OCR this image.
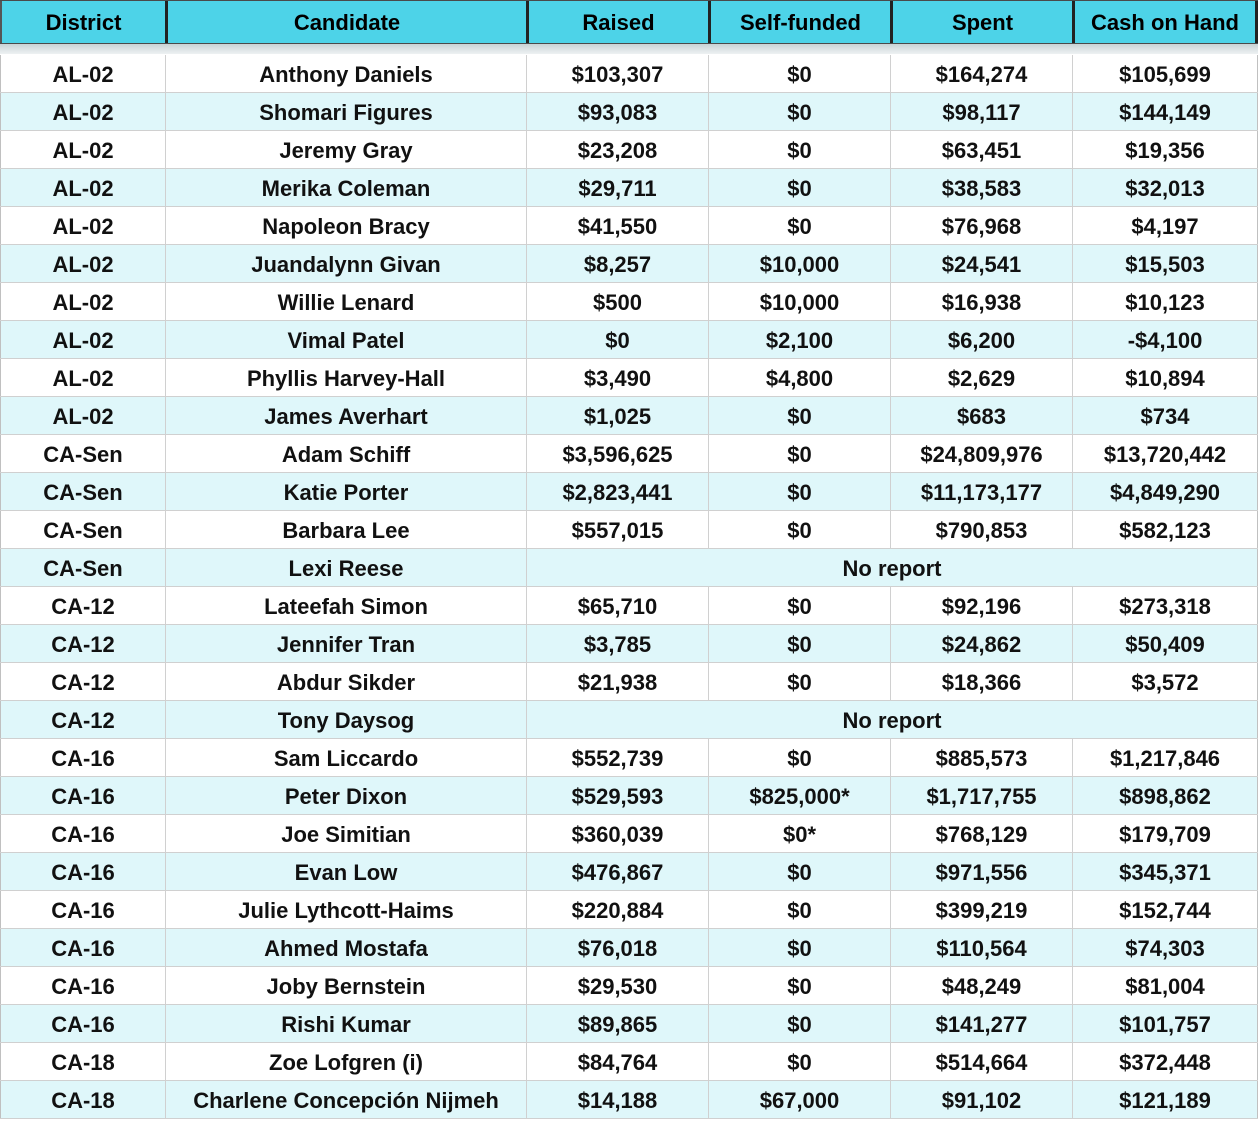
District	Candidate	Raised	Self-funded	Spent	Cash on Hand
AL-02	Anthony Daniels	$103,307	$0	$164,274	$105,699
AL-02	Shomari Figures	$93,083	$0	$98,117	$144,149
AL-02	Jeremy Gray	$23,208	$0	$63,451	$19,356
AL-02	Merika Coleman	$29,711	$0	$38,583	$32,013
AL-02	Napoleon Bracy	$41,550	$0	$76,968	$4,197
AL-02	Juandalynn Givan	$8,257	$10,000	$24,541	$15,503
AL-02	Willie Lenard	$500	$10,000	$16,938	$10,123
AL-02	Vimal Patel	$0	$2,100	$6,200	-$4,100
AL-02	Phyllis Harvey-Hall	$3,490	$4,800	$2,629	$10,894
AL-02	James Averhart	$1,025	$0	$683	$734
CA-Sen	Adam Schiff	$3,596,625	$0	$24,809,976	$13,720,442
CA-Sen	Katie Porter	$2,823,441	$0	$11,173,177	$4,849,290
CA-Sen	Barbara Lee	$557,015	$0	$790,853	$582,123
CA-Sen	Lexi Reese	No report
CA-12	Lateefah Simon	$65,710	$0	$92,196	$273,318
CA-12	Jennifer Tran	$3,785	$0	$24,862	$50,409
CA-12	Abdur Sikder	$21,938	$0	$18,366	$3,572
CA-12	Tony Daysog	No report
CA-16	Sam Liccardo	$552,739	$0	$885,573	$1,217,846
CA-16	Peter Dixon	$529,593	$825,000*	$1,717,755	$898,862
CA-16	Joe Simitian	$360,039	$0*	$768,129	$179,709
CA-16	Evan Low	$476,867	$0	$971,556	$345,371
CA-16	Julie Lythcott-Haims	$220,884	$0	$399,219	$152,744
CA-16	Ahmed Mostafa	$76,018	$0	$110,564	$74,303
CA-16	Joby Bernstein	$29,530	$0	$48,249	$81,004
CA-16	Rishi Kumar	$89,865	$0	$141,277	$101,757
CA-18	Zoe Lofgren (i)	$84,764	$0	$514,664	$372,448
CA-18	Charlene Concepción Nijmeh	$14,188	$67,000	$91,102	$121,189
